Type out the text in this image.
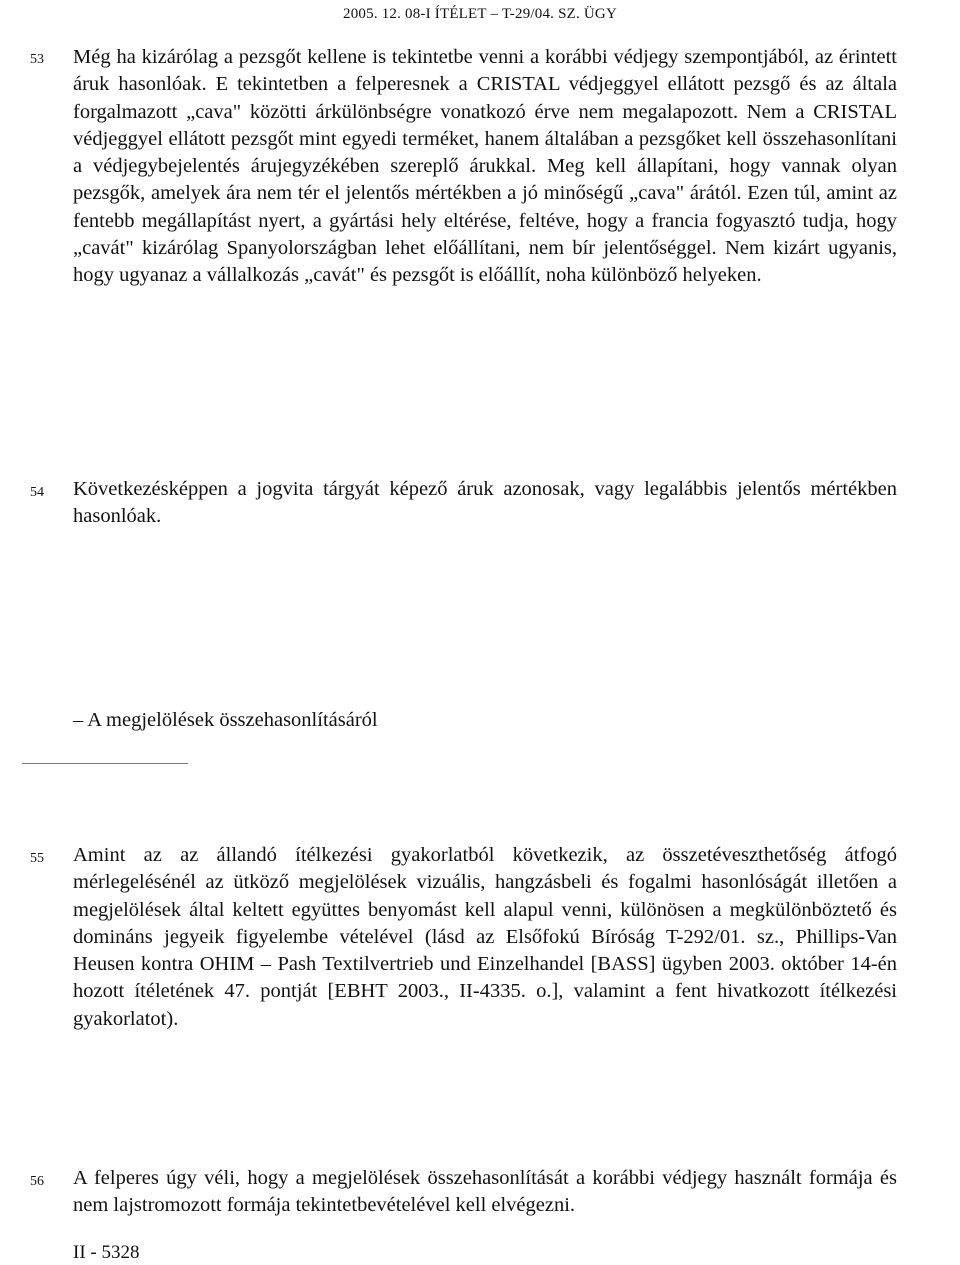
2005. 12. 08-I ÍTÉLET – T-29/04. SZ. ÜGY
53 Még ha kizárólag a pezsgőt kellene is tekintetbe venni a korábbi védjegy szempontjából, az érintett áruk hasonlóak. E tekintetben a felperesnek a CRISTAL védjeggyel ellátott pezsgő és az általa forgalmazott „cava" közötti árkülönbségre vonatkozó érve nem megalapozott. Nem a CRISTAL védjeggyel ellátott pezsgőt mint egyedi terméket, hanem általában a pezsgőket kell összehasonlítani a védjegybejelentés árujegyzékében szereplő árukkal. Meg kell állapítani, hogy vannak olyan pezsgők, amelyek ára nem tér el jelentős mértékben a jó minőségű „cava" árától. Ezen túl, amint az fentebb megállapítást nyert, a gyártási hely eltérése, feltéve, hogy a francia fogyasztó tudja, hogy „cavát" kizárólag Spanyolországban lehet előállítani, nem bír jelentőséggel. Nem kizárt ugyanis, hogy ugyanaz a vállalkozás „cavát" és pezsgőt is előállít, noha különböző helyeken.
54 Következésképpen a jogvita tárgyát képező áruk azonosak, vagy legalábbis jelentős mértékben hasonlóak.
– A megjelölések összehasonlításáról
55 Amint az az állandó ítélkezési gyakorlatból következik, az összetéveszthetőség átfogó mérlegelésénél az ütköző megjelölések vizuális, hangzásbeli és fogalmi hasonlóságát illetően a megjelölések által keltett együttes benyomást kell alapul venni, különösen a megkülönböztető és domináns jegyeik figyelembe vételével (lásd az Elsőfokú Bíróság T-292/01. sz., Phillips-Van Heusen kontra OHIM – Pash Textilvertrieb und Einzelhandel [BASS] ügyben 2003. október 14-én hozott ítéletének 47. pontját [EBHT 2003., II-4335. o.], valamint a fent hivatkozott ítélkezési gyakorlatot).
56 A felperes úgy véli, hogy a megjelölések összehasonlítását a korábbi védjegy használt formája és nem lajstromozott formája tekintetbevételével kell elvégezni.
II - 5328
